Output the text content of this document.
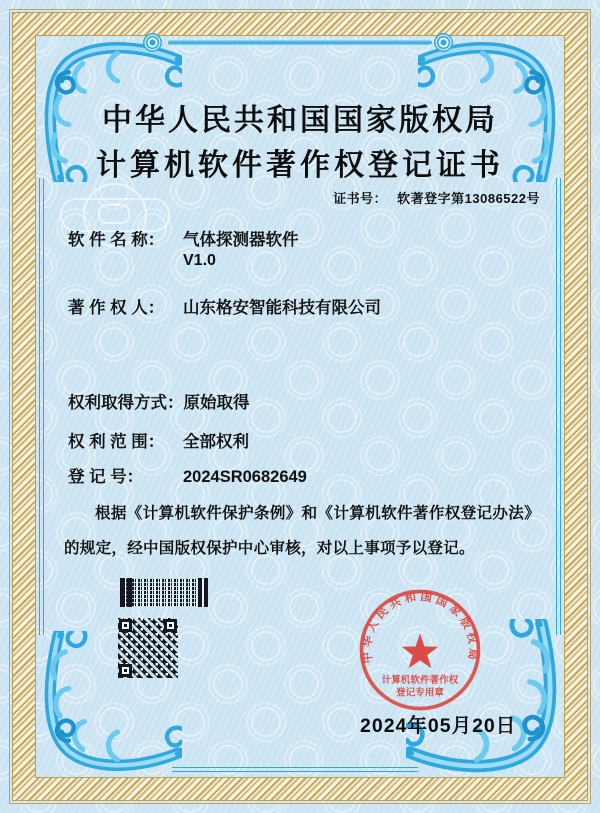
中华人民共和国国家版权局
计算机软件著作权登记证书
证书号： 软著登字第13086522号
软 件 名 称： 气体探测器软件
V1.0
著 作 权 人： 山东格安智能科技有限公司
权利取得方式：原始取得
权 利 范 围： 全部权利
登 记 号： 2024SR0682649
根据《计算机软件保护条例》和《计算机软件著作权登记办法》的规定，经中国版权保护中心审核，对以上事项予以登记。
中华人民共和国国家版权局
计算机软件著作权
登记专用章
2024年05月20日
